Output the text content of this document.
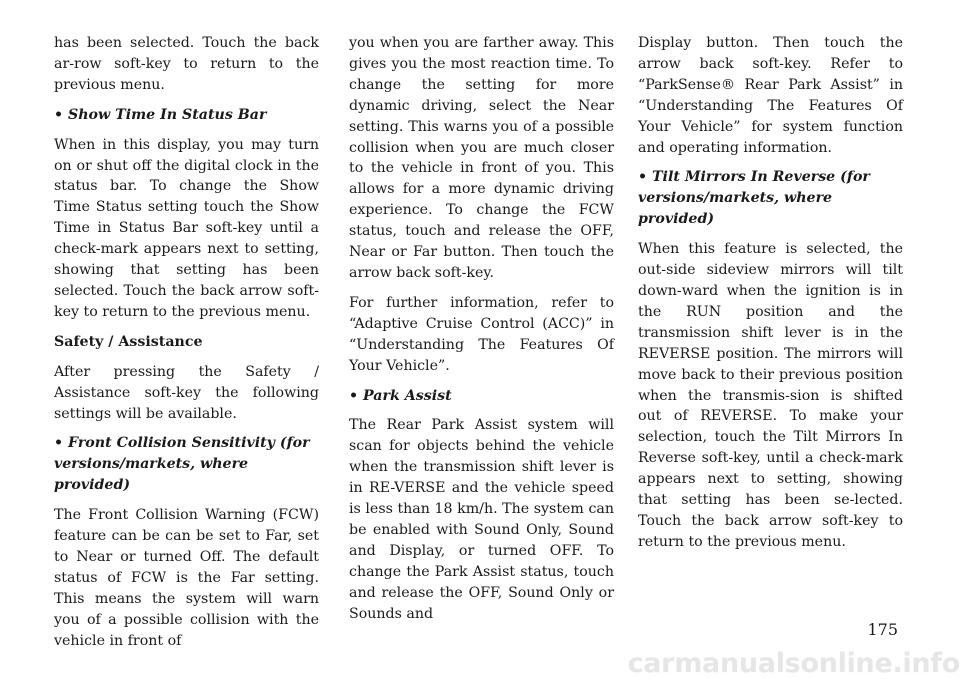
has been selected. Touch the back ar-row soft-key to return to the previous menu.

• Show Time In Status Bar

When in this display, you may turn on or shut off the digital clock in the status bar. To change the Show Time Status setting touch the Show Time in Status Bar soft-key until a check-mark appears next to setting, showing that setting has been selected. Touch the back arrow soft-key to return to the previous menu.

Safety / Assistance

After pressing the Safety / Assistance soft-key the following settings will be available.

• Front Collision Sensitivity (for versions/markets, where provided)

The Front Collision Warning (FCW) feature can be can be set to Far, set to Near or turned Off. The default status of FCW is the Far setting. This means the system will warn you of a possible collision with the vehicle in front of

you when you are farther away. This gives you the most reaction time. To change the setting for more dynamic driving, select the Near setting. This warns you of a possible collision when you are much closer to the vehicle in front of you. This allows for a more dynamic driving experience. To change the FCW status, touch and release the OFF, Near or Far button. Then touch the arrow back soft-key.

For further information, refer to “Adaptive Cruise Control (ACC)” in “Understanding The Features Of Your Vehicle”.

• Park Assist

The Rear Park Assist system will scan for objects behind the vehicle when the transmission shift lever is in RE-VERSE and the vehicle speed is less than 18 km/h. The system can be enabled with Sound Only, Sound and Display, or turned OFF. To change the Park Assist status, touch and release the OFF, Sound Only or Sounds and

Display button. Then touch the arrow back soft-key. Refer to “ParkSense® Rear Park Assist” in “Understanding The Features Of Your Vehicle” for system function and operating information.

• Tilt Mirrors In Reverse (for versions/markets, where provided)

When this feature is selected, the out-side sideview mirrors will tilt down-ward when the ignition is in the RUN position and the transmission shift lever is in the REVERSE position. The mirrors will move back to their previous position when the transmis-sion is shifted out of REVERSE. To make your selection, touch the Tilt Mirrors In Reverse soft-key, until a check-mark appears next to setting, showing that setting has been se-lected. Touch the back arrow soft-key to return to the previous menu.

175
carmanualsonline.info
